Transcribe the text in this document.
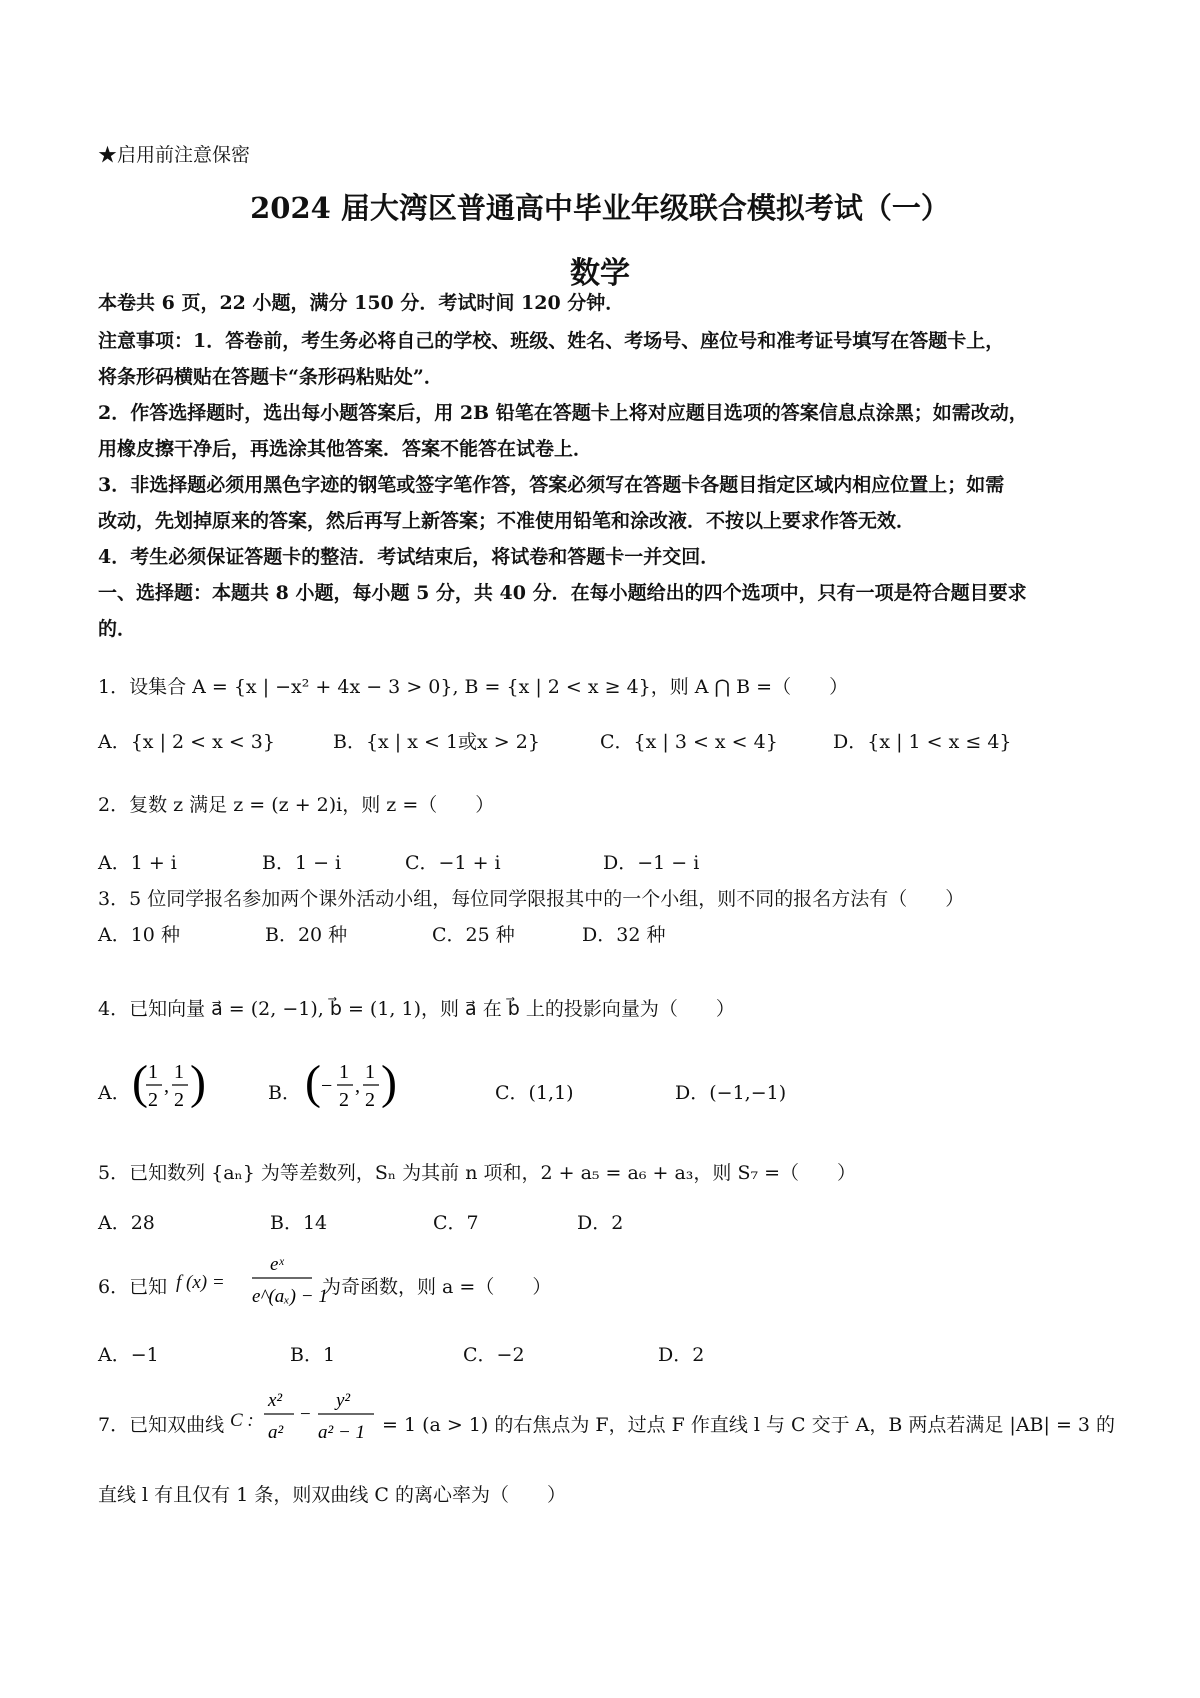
★启用前注意保密
2024 届大湾区普通高中毕业年级联合模拟考试（一）
数学
本卷共 6 页，22 小题，满分 150 分．考试时间 120 分钟．
注意事项：1．答卷前，考生务必将自己的学校、班级、姓名、考场号、座位号和准考证号填写在答题卡上，
将条形码横贴在答题卡“条形码粘贴处”．
2．作答选择题时，选出每小题答案后，用 2B 铅笔在答题卡上将对应题目选项的答案信息点涂黑；如需改动，
用橡皮擦干净后，再选涂其他答案．答案不能答在试卷上．
3．非选择题必须用黑色字迹的钢笔或签字笔作答，答案必须写在答题卡各题目指定区域内相应位置上；如需
改动，先划掉原来的答案，然后再写上新答案；不准使用铅笔和涂改液．不按以上要求作答无效．
4．考生必须保证答题卡的整洁．考试结束后，将试卷和答题卡一并交回．
一、选择题：本题共 8 小题，每小题 5 分，共 40 分．在每小题给出的四个选项中，只有一项是符合题目要求
的．
1．设集合 A = {x | −x² + 4x − 3 > 0}, B = {x | 2 < x ≥ 4}，则 A ⋂ B =（　　）
A．{x | 2 < x < 3}	B．{x | x < 1或x > 2}	C．{x | 3 < x < 4}	D．{x | 1 < x ≤ 4}
2．复数 z 满足 z = (z + 2)i，则 z =（　　）
A．1 + i	B．1 − i	C．−1 + i	D．−1 − i
3．5 位同学报名参加两个课外活动小组，每位同学限报其中的一个小组，则不同的报名方法有（　　）
A．10 种	B．20 种	C．25 种	D．32 种
4．已知向量 a⃗ = (2, −1), b⃗ = (1, 1)，则 a⃗ 在 b⃗ 上的投影向量为（　　）
A． ( 1
2
,
1
2 )	B． ( −
1
2
,
1
2 )	C．(1,1)	D．(−1,−1)
5．已知数列 {aₙ} 为等差数列，Sₙ 为其前 n 项和，2 + a₅ = a₆ + a₃，则 S₇ =（　　）
A．28	B．14	C．7	D．2
6．已知 f (x) =
eˣ
e^(aₓ) − 1
为奇函数，则 a =（　　）
A．−1	B．1	C．−2	D．2
7．已知双曲线 C :
x²
a²
−
y²
a² − 1 = 1 (a > 1) 的右焦点为 F，过点 F 作直线 l 与 C 交于 A，B 两点若满足 |AB| = 3 的
直线 l 有且仅有 1 条，则双曲线 C 的离心率为（　　）
